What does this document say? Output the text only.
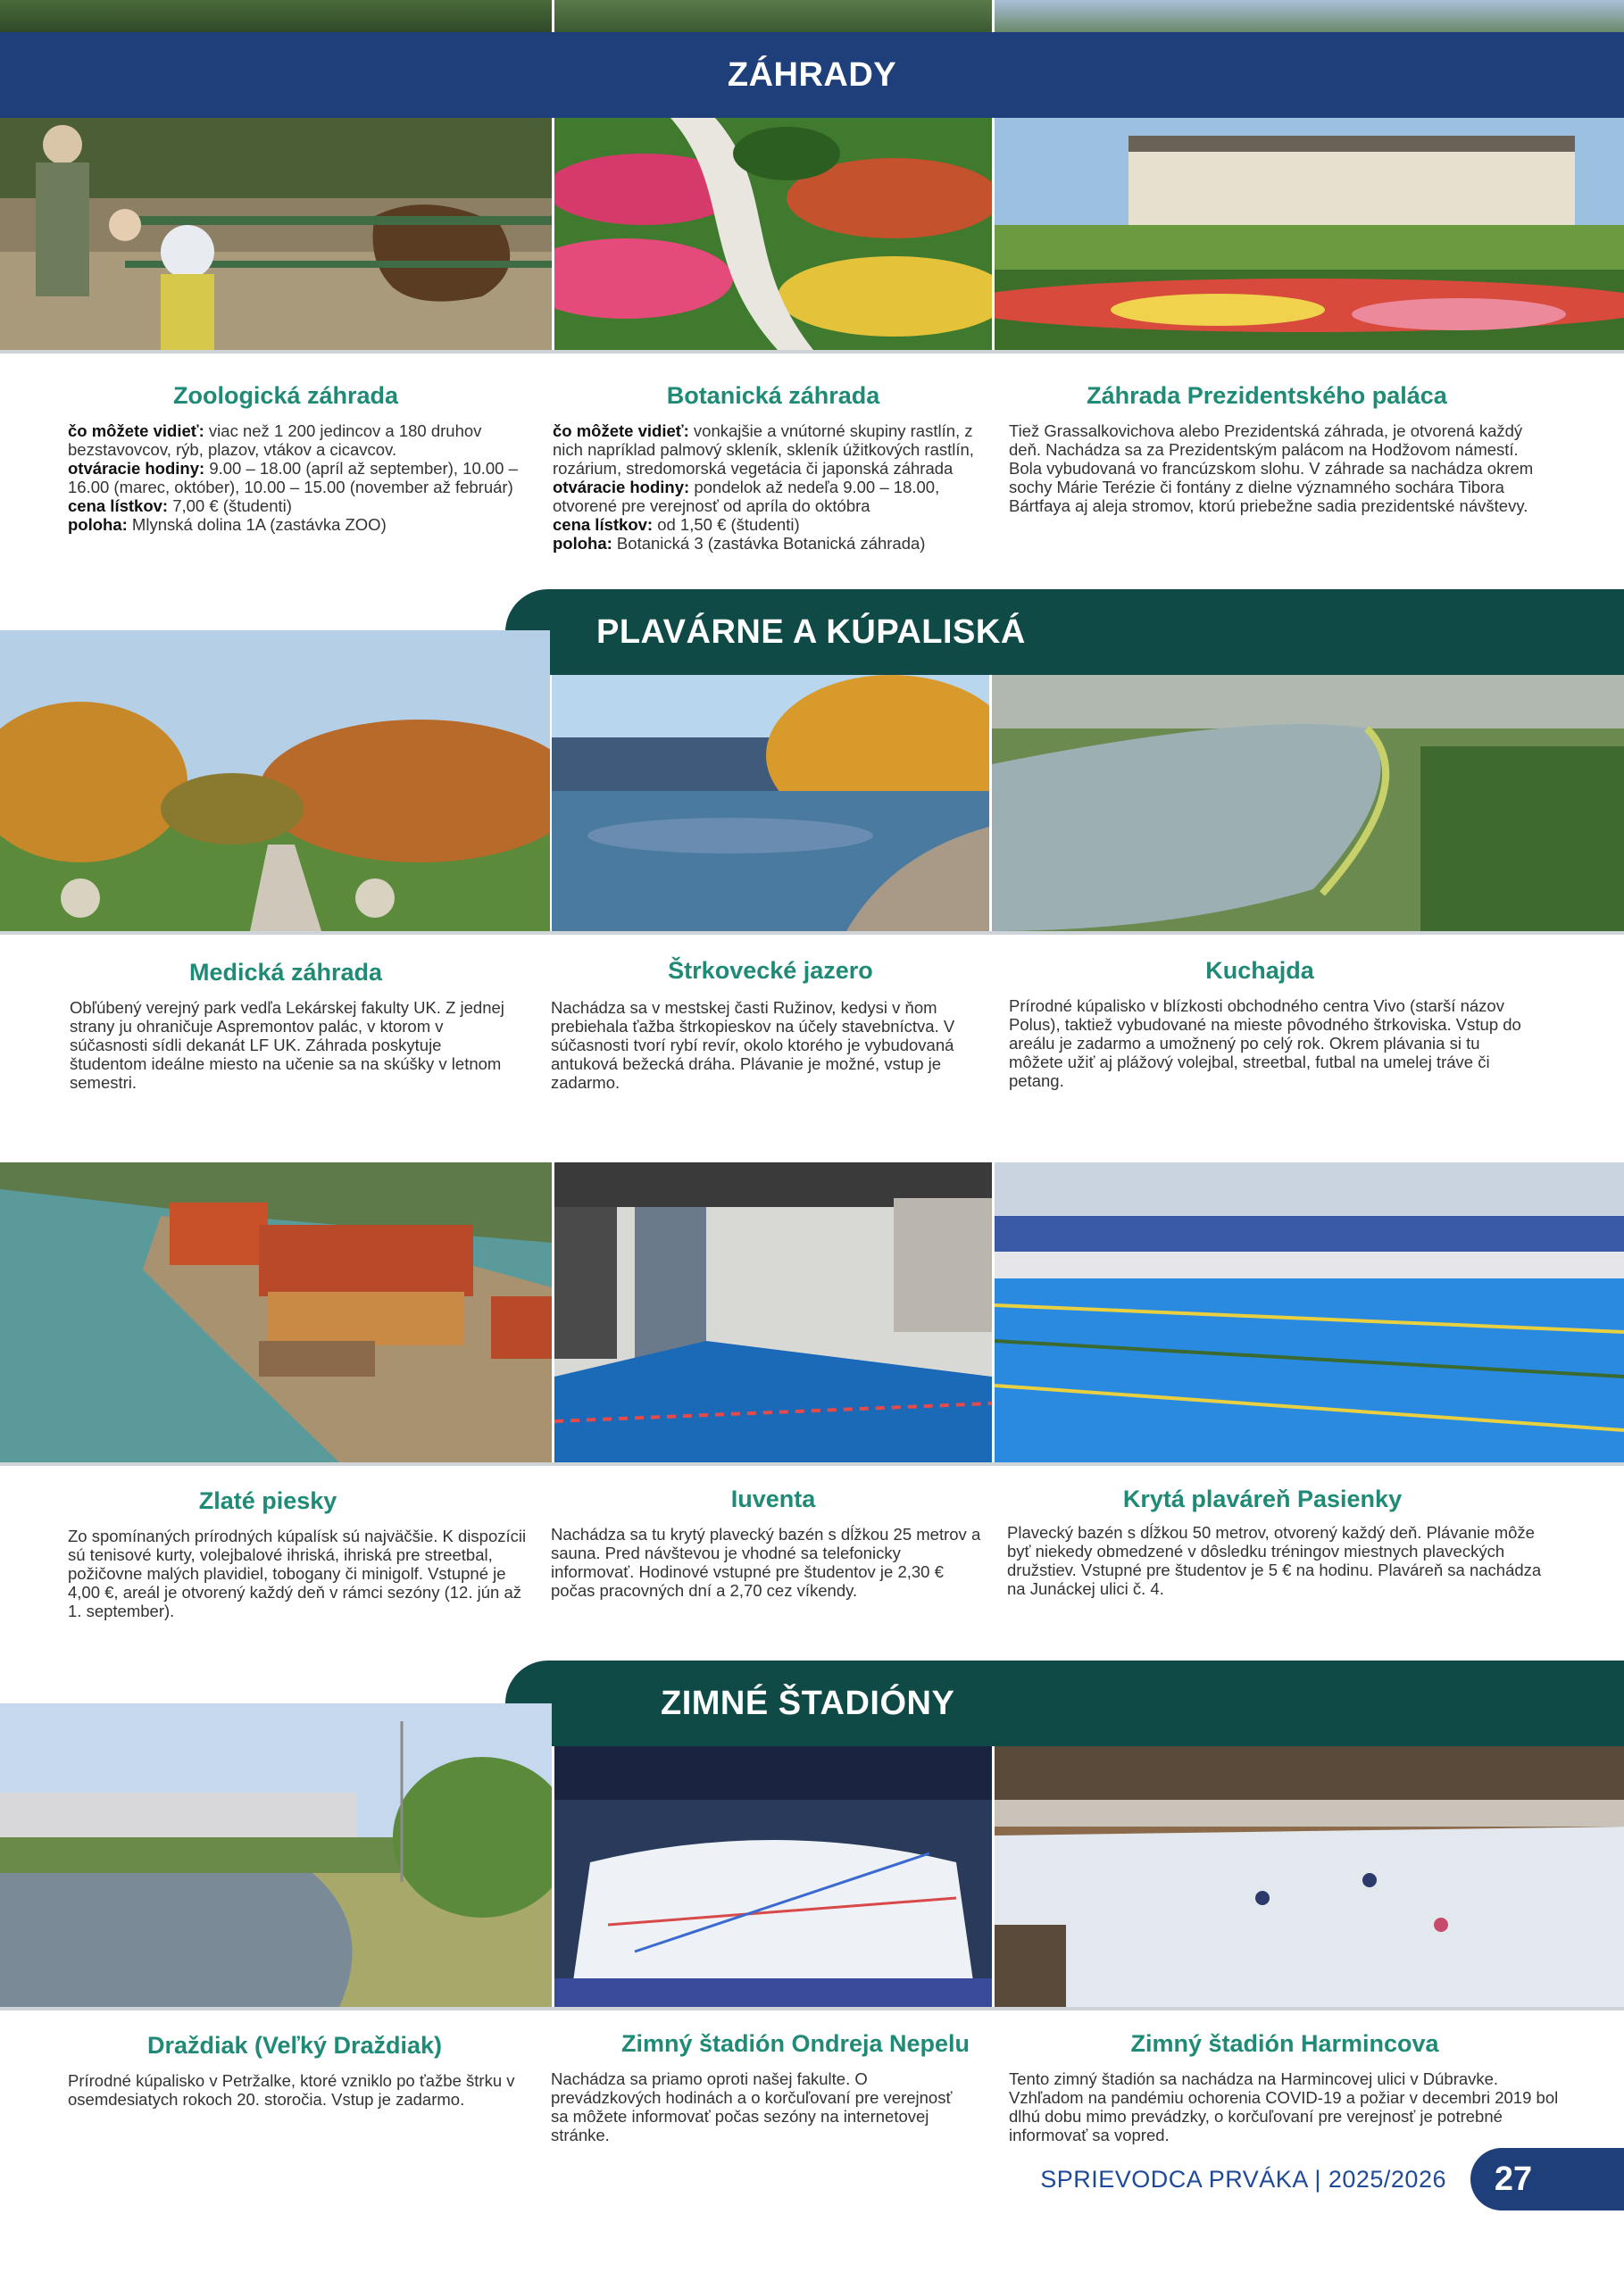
ZÁHRADY
Zoologická záhrada
čo môžete vidieť: viac než 1 200 jedincov a 180 druhov bezstavovcov, rýb, plazov, vtákov a cicavcov.
otváracie hodiny: 9.00 – 18.00 (apríl až september), 10.00 – 16.00 (marec, október), 10.00 – 15.00 (november až február)
cena lístkov: 7,00 € (študenti)
poloha: Mlynská dolina 1A (zastávka ZOO)
Botanická záhrada
čo môžete vidieť: vonkajšie a vnútorné skupiny rastlín, z nich napríklad palmový skleník, skleník úžitkových rastlín, rozárium, stredomorská vegetácia či japonská záhrada
otváracie hodiny: pondelok až nedeľa 9.00 – 18.00, otvorené pre verejnosť od apríla do októbra
cena lístkov: od 1,50 € (študenti)
poloha: Botanická 3 (zastávka Botanická záhrada)
Záhrada Prezidentského paláca
Tiež Grassalkovichova alebo Prezidentská záhrada, je otvorená každý deň. Nachádza sa za Prezidentským palácom na Hodžovom námestí. Bola vybudovaná vo francúzskom slohu. V záhrade sa nachádza okrem sochy Márie Terézie či fontány z dielne významného sochára Tibora Bártfaya aj aleja stromov, ktorú priebežne sadia prezidentské návštevy.
PLAVÁRNE A KÚPALISKÁ
Medická záhrada
Obľúbený verejný park vedľa Lekárskej fakulty UK. Z jednej strany ju ohraničuje Aspremontov palác, v ktorom v súčasnosti sídli dekanát LF UK. Záhrada poskytuje študentom ideálne miesto na učenie sa na skúšky v letnom semestri.
Štrkovecké jazero
Nachádza sa v mestskej časti Ružinov, kedysi v ňom prebiehala ťažba štrkopieskov na účely stavebníctva. V súčasnosti tvorí rybí revír, okolo ktorého je vybudovaná antuková bežecká dráha. Plávanie je možné, vstup je zadarmo.
Kuchajda
Prírodné kúpalisko v blízkosti obchodného centra Vivo (starší názov Polus), taktiež vybudované na mieste pôvodného štrkoviska. Vstup do areálu je zadarmo a umožnený po celý rok. Okrem plávania si tu môžete užiť aj plážový volejbal, streetbal, futbal na umelej tráve či petang.
Zlaté piesky
Zo spomínaných prírodných kúpalísk sú najväčšie. K dispozícii sú tenisové kurty, volejbalové ihriská, ihriská pre streetbal, požičovne malých plavidiel, tobogany či minigolf. Vstupné je 4,00 €, areál je otvorený každý deň v rámci sezóny (12. jún až 1. september).
Iuventa
Nachádza sa tu krytý plavecký bazén s dĺžkou 25 metrov a sauna. Pred návštevou je vhodné sa telefonicky informovať. Hodinové vstupné pre študentov je 2,30 € počas pracovných dní a 2,70 cez víkendy.
Krytá plaváreň Pasienky
Plavecký bazén s dĺžkou 50 metrov, otvorený každý deň. Plávanie môže byť niekedy obmedzené v dôsledku tréningov miestnych plaveckých družstiev. Vstupné pre študentov je 5 € na hodinu. Plaváreň sa nachádza na Junáckej ulici č. 4.
ZIMNÉ ŠTADIÓNY
Draždiak (Veľký Draždiak)
Prírodné kúpalisko v Petržalke, ktoré vzniklo po ťažbe štrku v osemdesiatych rokoch 20. storočia. Vstup je zadarmo.
Zimný štadión Ondreja Nepelu
Nachádza sa priamo oproti našej fakulte. O prevádzkových hodinách a o korčuľovaní pre verejnosť sa môžete informovať počas sezóny na internetovej stránke.
Zimný štadión Harmincova
Tento zimný štadión sa nachádza na Harmincovej ulici v Dúbravke. Vzhľadom na pandémiu ochorenia COVID-19 a požiar v decembri 2019 bol dlhú dobu mimo prevádzky, o korčuľovaní pre verejnosť je potrebné informovať sa vopred.
SPRIEVODCA PRVÁKA | 2025/2026	27
